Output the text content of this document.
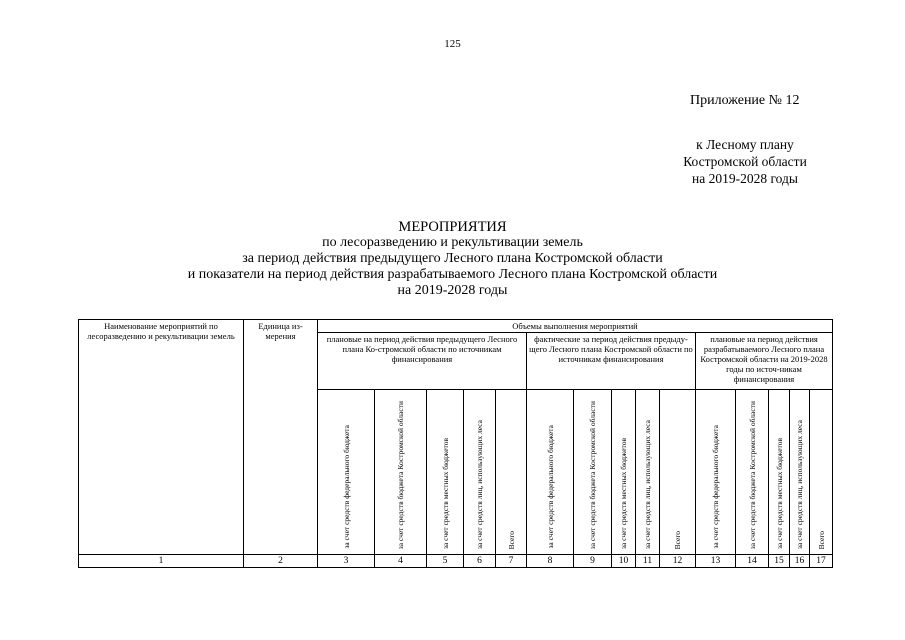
125
Приложение № 12
к Лесному плану
Костромской области
на 2019-2028 годы
МЕРОПРИЯТИЯ
по лесоразведению и рекультивации земель
за период действия предыдущего Лесного плана Костромской области
и показатели на период действия разрабатываемого Лесного плана Костромской области
на 2019-2028 годы
Наименование мероприятий по лесоразведению и рекультивации земель	Единица из-мерения	Объемы выполнения мероприятий														
		плановые на период действия предыдущего Лесного плана Ко-стромской области по источникам финансирования					фактические за период действия предыду-щего Лесного плана Костромской области по источникам финансирования					плановые на период действия разрабатываемого Лесного плана Костромской области на 2019-2028 годы по источ-никам финансирования				
		за счет средств федерального бюджета	за счет средств бюджета Костромской области	за счет средств местных бюджетов	за счет средств лиц, использующих леса	Всего	за счет средств федерального бюджета	за счет средств бюджета Костромской области	за счет средств местных бюджетов	за счет средств лиц, использующих леса	Всего	за счет средств федерального бюджета	за счет средств бюджета Костромской области	за счет средств местных бюджетов	за счет средств лиц, использующих леса	Всего
1	2	3	4	5	6	7	8	9	10	11	12	13	14	15	16	17
